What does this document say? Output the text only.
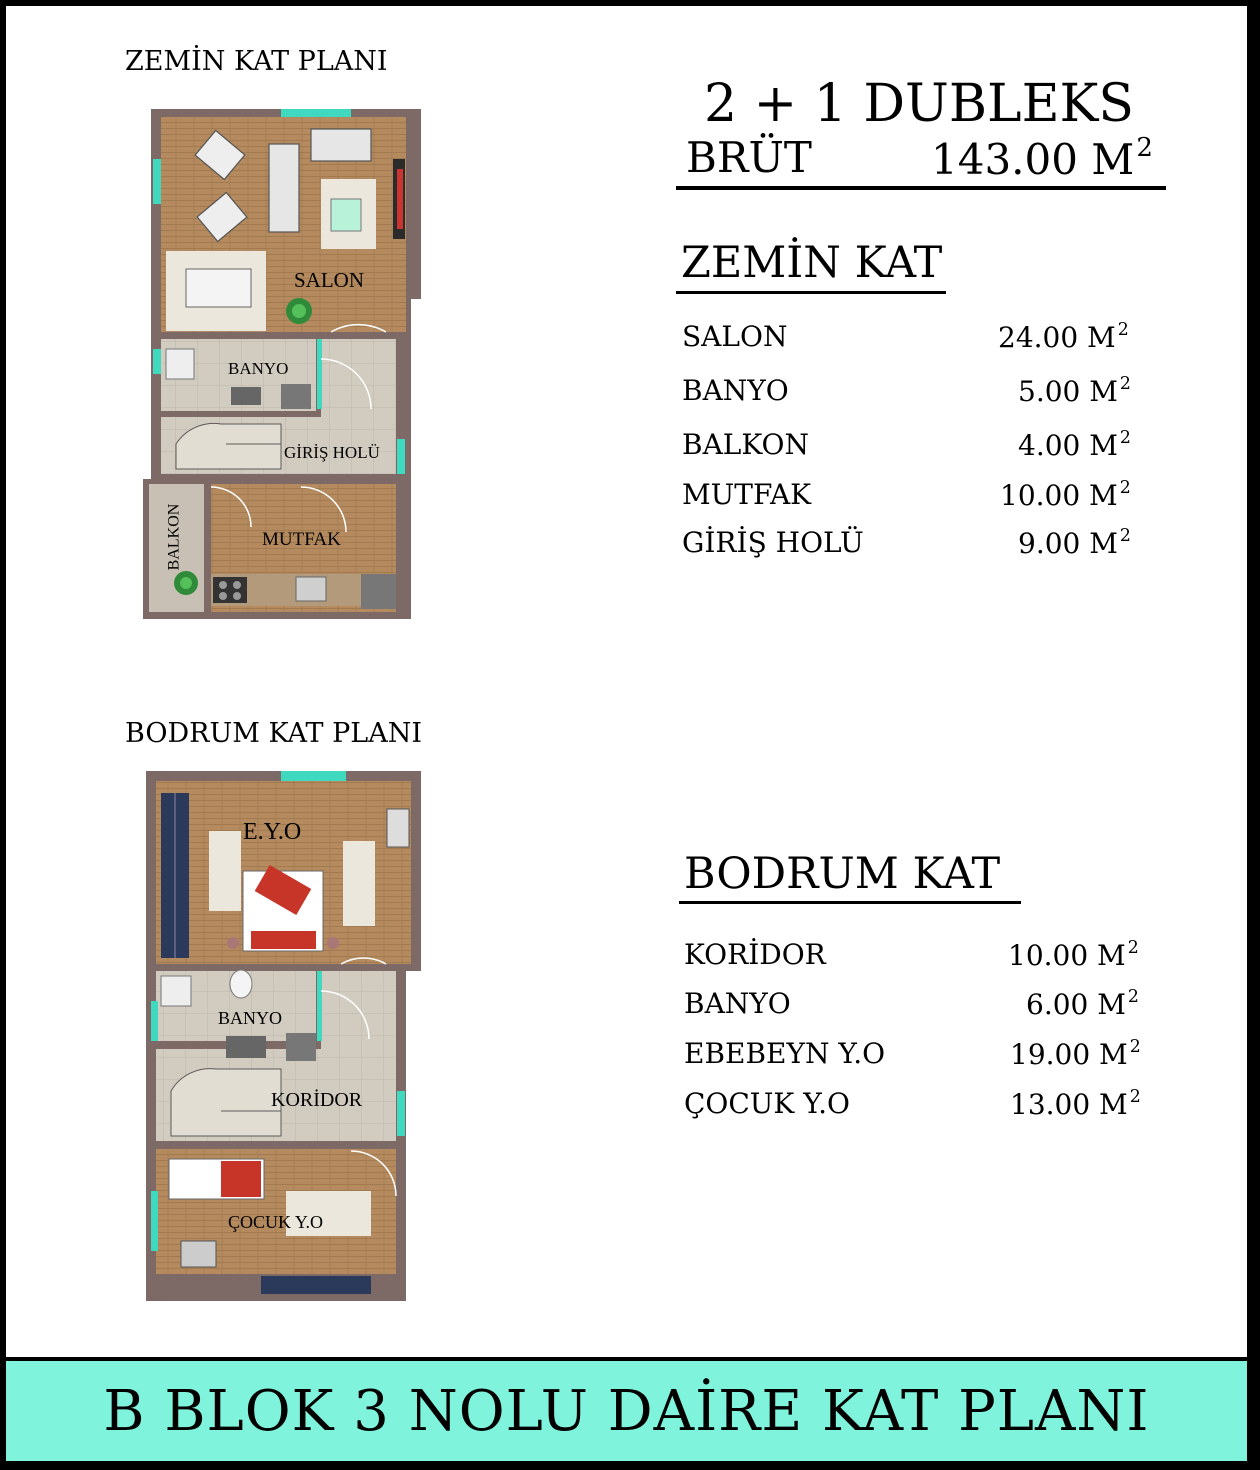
ZEMİN KAT PLANI
BODRUM KAT PLANI
SALON
BANYO
GİRİŞ HOLÜ
MUTFAK
BALKON
E.Y.O
BANYO
KORİDOR
ÇOCUK Y.O
2 + 1 DUBLEKS
BRÜT	143.00 $M^2$
ZEMİN KAT
SALON	24.00 M $^2$
BANYO	5.00 M $^2$
BALKON	4.00 M $^2$
MUTFAK	10.00 M $^2$
GİRİŞ HOLÜ	9.00 M $^2$
BODRUM KAT
KORİDOR	10.00 M $^2$
BANYO	6.00 M $^2$
EBEBEYN Y.O	19.00 M $^2$
ÇOCUK Y.O	13.00 M $^2$
B BLOK 3 NOLU DAİRE KAT PLANI
